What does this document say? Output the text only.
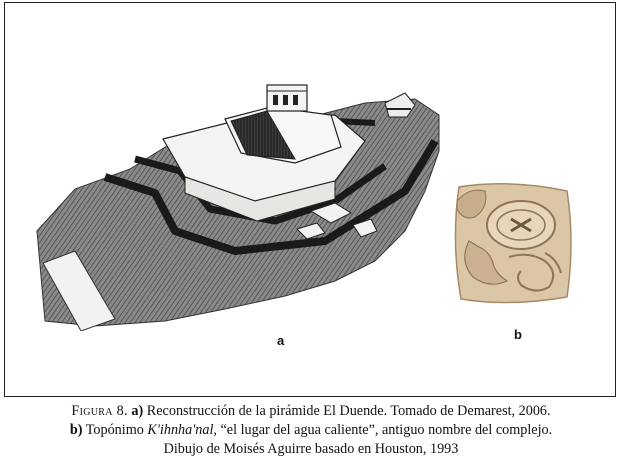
a	b
Figura 8. a) Reconstrucción de la pirámide El Duende. Tomado de Demarest, 2006.
b) Topónimo K'ihnha'nal, “el lugar del agua caliente”, antiguo nombre del complejo.
Dibujo de Moisés Aguirre basado en Houston, 1993
